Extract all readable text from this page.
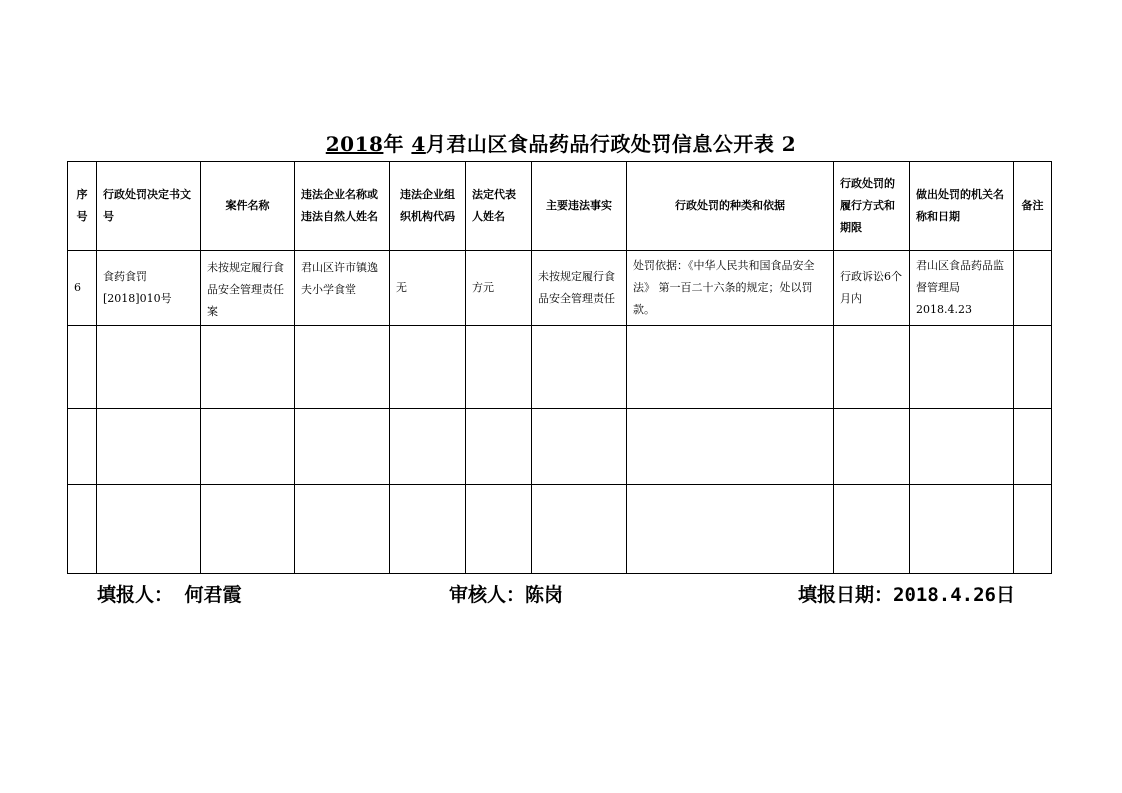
2018年 4月君山区食品药品行政处罚信息公开表 2
序号	行政处罚决定书文号	案件名称	违法企业名称或违法自然人姓名	违法企业组织机构代码	法定代表人姓名	主要违法事实	行政处罚的种类和依据	行政处罚的履行方式和期限	做出处罚的机关名称和日期	备注
6	食药食罚[2018]010号	未按规定履行食品安全管理责任案	君山区许市镇逸夫小学食堂	无	方元	未按规定履行食品安全管理责任	处罚依据：《中华人民共和国食品安全法》 第一百二十六条的规定；处以罚款。	行政诉讼6个月内	君山区食品药品监督管理局 2018.4.23	

填报人： 何君霞	审核人：陈岗	填报日期：2018.4.26日
